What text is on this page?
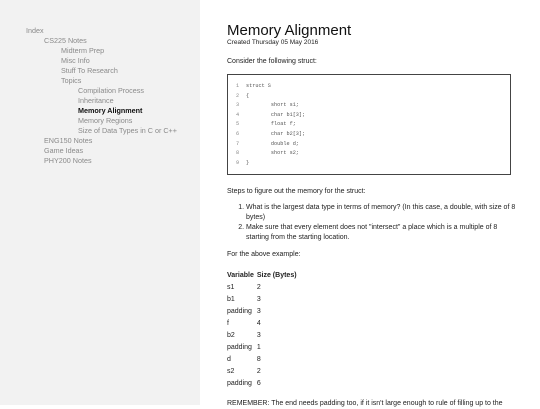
Index
CS225 Notes
Midterm Prep
Misc Info
Stuff To Research
Topics
Compilation Process
Inheritance
Memory Alignment
Memory Regions
Size of Data Types in C or C++
ENG150 Notes
Game Ideas
PHY200 Notes
Memory Alignment
Created Thursday 05 May 2016

Consider the following struct:

1 struct S
2 {
3        short s1;
4        char b1[3];
5        float f;
6        char b2[3];
7        double d;
8        short s2;
9 }

Steps to figure out the memory for the struct:

1. What is the largest data type in terms of memory? (In this case, a double, with size of 8 bytes)
2. Make sure that every element does not "intersect" a place which is a multiple of 8 starting from the starting location.

For the above example:

Variable	Size (Bytes)
s1	2
b1	3
padding	3
f	4
b2	3
padding	1
d	8
s2	2
padding	6

REMEMBER: The end needs padding too, if it isn't large enough to rule of filling up to the
